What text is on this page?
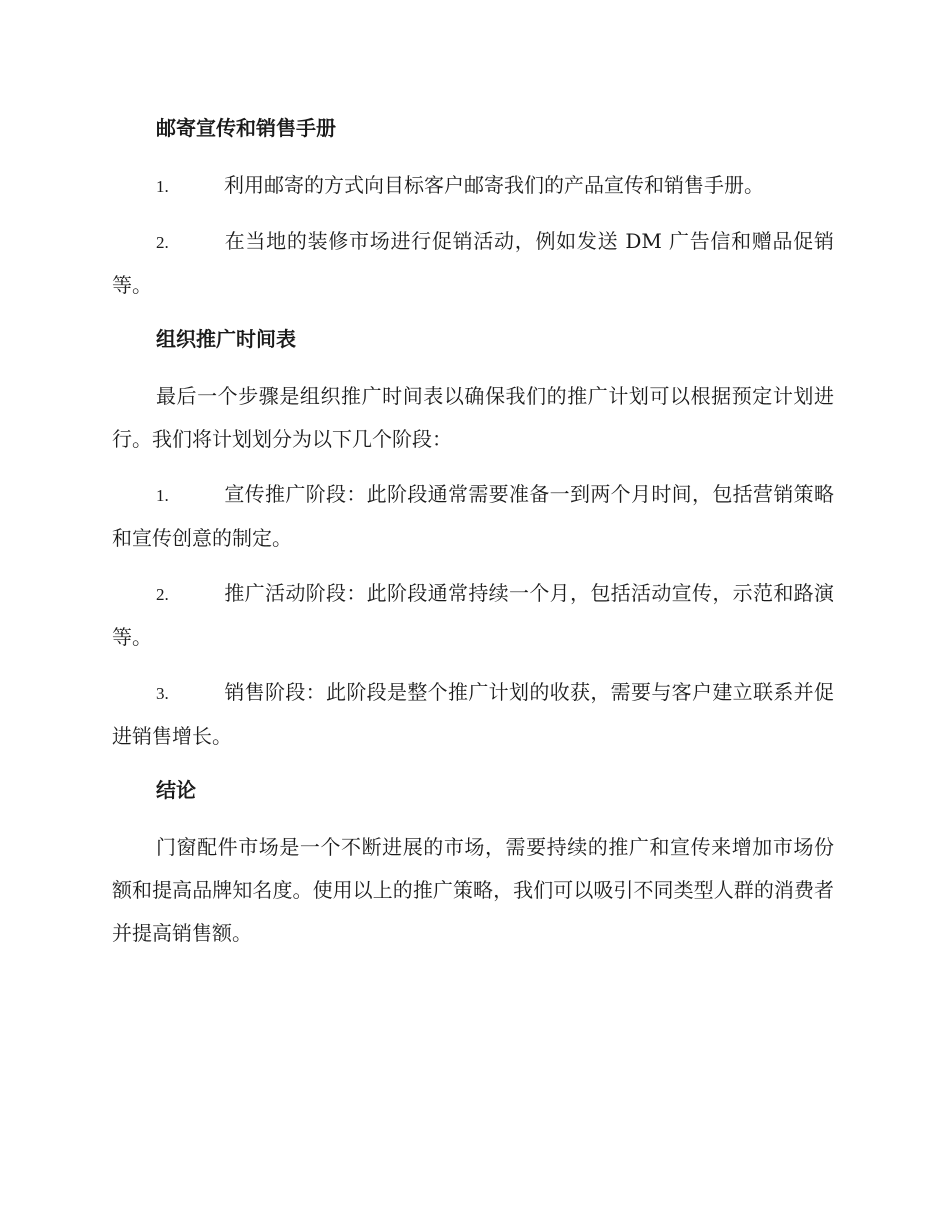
邮寄宣传和销售手册
1.	利用邮寄的方式向目标客户邮寄我们的产品宣传和销售手册。
2.	在当地的装修市场进行促销活动，例如发送 DM 广告信和赠品促销等。
组织推广时间表
最后一个步骤是组织推广时间表以确保我们的推广计划可以根据预定计划进行。我们将计划划分为以下几个阶段：
1.	宣传推广阶段：此阶段通常需要准备一到两个月时间，包括营销策略和宣传创意的制定。
2.	推广活动阶段：此阶段通常持续一个月，包括活动宣传，示范和路演等。
3.	销售阶段：此阶段是整个推广计划的收获，需要与客户建立联系并促进销售增长。
结论
门窗配件市场是一个不断进展的市场，需要持续的推广和宣传来增加市场份额和提高品牌知名度。使用以上的推广策略，我们可以吸引不同类型人群的消费者并提高销售额。
